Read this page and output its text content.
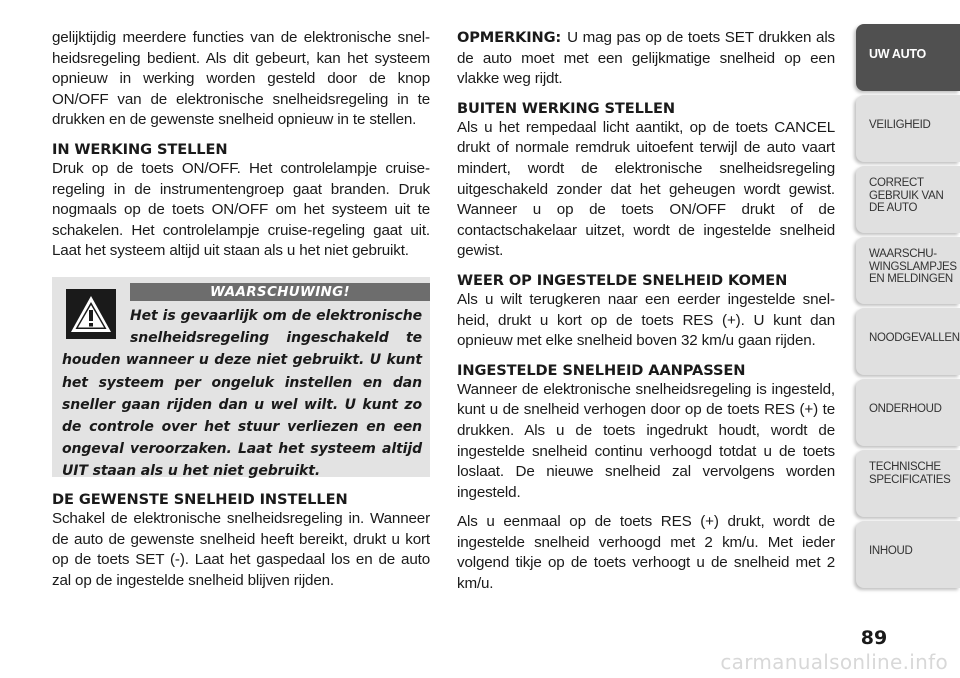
gelijktijdig meerdere functies van de elektronische snelheidsregeling bedient. Als dit gebeurt, kan het systeem opnieuw in werking worden gesteld door de knop ON/OFF van de elektronische snelheidsregeling in te drukken en de gewenste snelheid opnieuw in te stellen.

IN WERKING STELLEN

Druk op de toets ON/OFF. Het controlelampje cruiseregeling in de instrumentengroep gaat branden. Druk nogmaals op de toets ON/OFF om het systeem uit te schakelen. Het controlelampje cruise-regeling gaat uit. Laat het systeem altijd uit staan als u het niet gebruikt.

WAARSCHUWING!

Het is gevaarlijk om de elektronische snelheidsregeling ingeschakeld te houden wanneer u deze niet gebruikt. U kunt het systeem per ongeluk instellen en dan sneller gaan rijden dan u wel wilt. U kunt zo de controle over het stuur verliezen en een ongeval veroorzaken. Laat het systeem altijd UIT staan als u het niet gebruikt.

DE GEWENSTE SNELHEID INSTELLEN

Schakel de elektronische snelheidsregeling in. Wanneer de auto de gewenste snelheid heeft bereikt, drukt u kort op de toets SET (-). Laat het gaspedaal los en de auto zal op de ingestelde snelheid blijven rijden.

OPMERKING: U mag pas op de toets SET drukken als de auto moet met een gelijkmatige snelheid op een vlakke weg rijdt.

BUITEN WERKING STELLEN

Als u het rempedaal licht aantikt, op de toets CANCEL drukt of normale remdruk uitoefent terwijl de auto vaart mindert, wordt de elektronische snelheidsregeling uitgeschakeld zonder dat het geheugen wordt gewist. Wanneer u op de toets ON/OFF drukt of de contactschakelaar uitzet, wordt de ingestelde snelheid gewist.

WEER OP INGESTELDE SNELHEID KOMEN

Als u wilt terugkeren naar een eerder ingestelde snelheid, drukt u kort op de toets RES (+). U kunt dan opnieuw met elke snelheid boven 32 km/u gaan rijden.

INGESTELDE SNELHEID AANPASSEN

Wanneer de elektronische snelheidsregeling is ingesteld, kunt u de snelheid verhogen door op de toets RES (+) te drukken. Als u de toets ingedrukt houdt, wordt de ingestelde snelheid continu verhoogd totdat u de toets loslaat. De nieuwe snelheid zal vervolgens worden ingesteld.

Als u eenmaal op de toets RES (+) drukt, wordt de ingestelde snelheid verhoogd met 2 km/u. Met ieder volgend tikje op de toets verhoogt u de snelheid met 2 km/u.

UW AUTO
VEILIGHEID
CORRECT
GEBRUIK VAN
DE AUTO
WAARSCHU-
WINGSLAMPJES
EN MELDINGEN
NOODGEVALLEN
ONDERHOUD
TECHNISCHE
SPECIFICATIES
INHOUD
89
carmanualsonline.info
